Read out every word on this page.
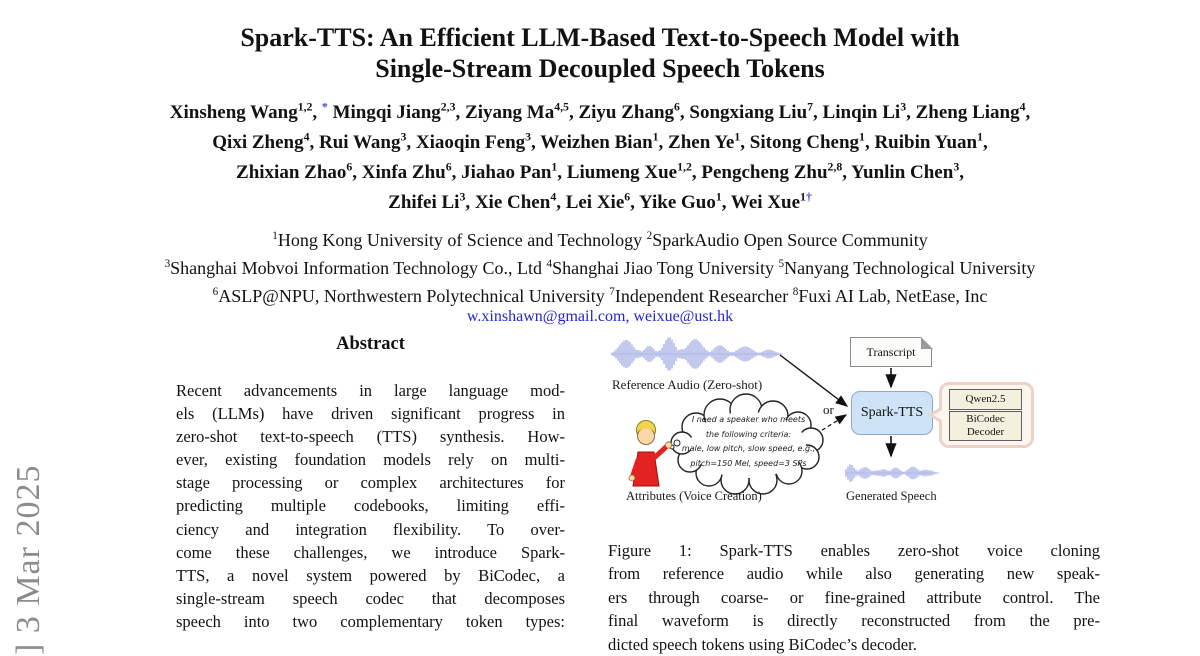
] 3 Mar 2025
Spark-TTS: An Efficient LLM-Based Text-to-Speech Model with
Single-Stream Decoupled Speech Tokens
Xinsheng Wang$^{1,2}$, * Mingqi Jiang$^{2,3}$, Ziyang Ma$^{4,5}$, Ziyu Zhang$^6$, Songxiang Liu$^7$, Linqin Li$^3$, Zheng Liang$^4$,
Qixi Zheng$^4$, Rui Wang$^3$, Xiaoqin Feng$^3$, Weizhen Bian$^1$, Zhen Ye$^1$, Sitong Cheng$^1$, Ruibin Yuan$^1$,
Zhixian Zhao$^6$, Xinfa Zhu$^6$, Jiahao Pan$^1$, Liumeng Xue$^{1,2}$, Pengcheng Zhu$^{2,8}$, Yunlin Chen$^3$,
Zhifei Li$^3$, Xie Chen$^4$, Lei Xie$^6$, Yike Guo$^1$, Wei Xue$^{1\dagger}$
$^1$Hong Kong University of Science and Technology $^2$SparkAudio Open Source Community
$^3$Shanghai Mobvoi Information Technology Co., Ltd $^4$Shanghai Jiao Tong University $^5$Nanyang Technological University
$^6$ASLP@NPU, Northwestern Polytechnical University $^7$Independent Researcher $^8$Fuxi AI Lab, NetEase, Inc
w.xinshawn@gmail.com, weixue@ust.hk
Abstract
Recent advancements in large language mod-
els (LLMs) have driven significant progress in
zero-shot text-to-speech (TTS) synthesis. How-
ever, existing foundation models rely on multi-
stage processing or complex architectures for
predicting multiple codebooks, limiting effi-
ciency and integration flexibility. To over-
come these challenges, we introduce Spark-
TTS, a novel system powered by BiCodec, a
single-stream speech codec that decomposes
speech into two complementary token types:
Reference Audio (Zero-shot)
Attributes (Voice Creation)	Generated Speech
or
Transcript
Spark-TTS
Qwen2.5
BiCodec
Decoder
I need a speaker who meets
the following criteria:
male, low pitch, slow speed, e.g.,
pitch=150 Mel, speed=3 SPs
Figure 1: Spark-TTS enables zero-shot voice cloning
from reference audio while also generating new speak-
ers through coarse- or fine-grained attribute control. The
final waveform is directly reconstructed from the pre-
dicted speech tokens using BiCodec’s decoder.
